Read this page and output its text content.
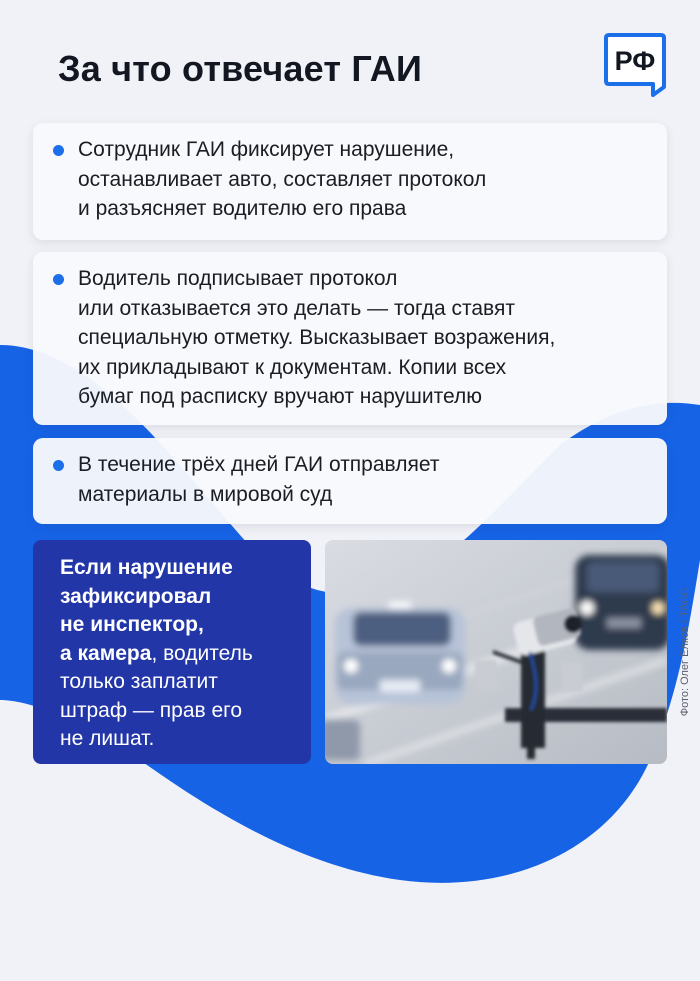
За что отвечает ГАИ	РФ

Сотрудник ГАИ фиксирует нарушение,
останавливает авто, составляет протокол
и разъясняет водителю его права

Водитель подписывает протокол
или отказывается это делать — тогда ставят
специальную отметку. Высказывает возражения,
их прикладывают к документам. Копии всех
бумаг под расписку вручают нарушителю

В течение трёх дней ГАИ отправляет
материалы в мировой суд

Если нарушение
зафиксировал
не инспектор,
а камера, водитель
только заплатит
штраф — прав его
не лишат.
Фото: Олег Елков / ТАСС
